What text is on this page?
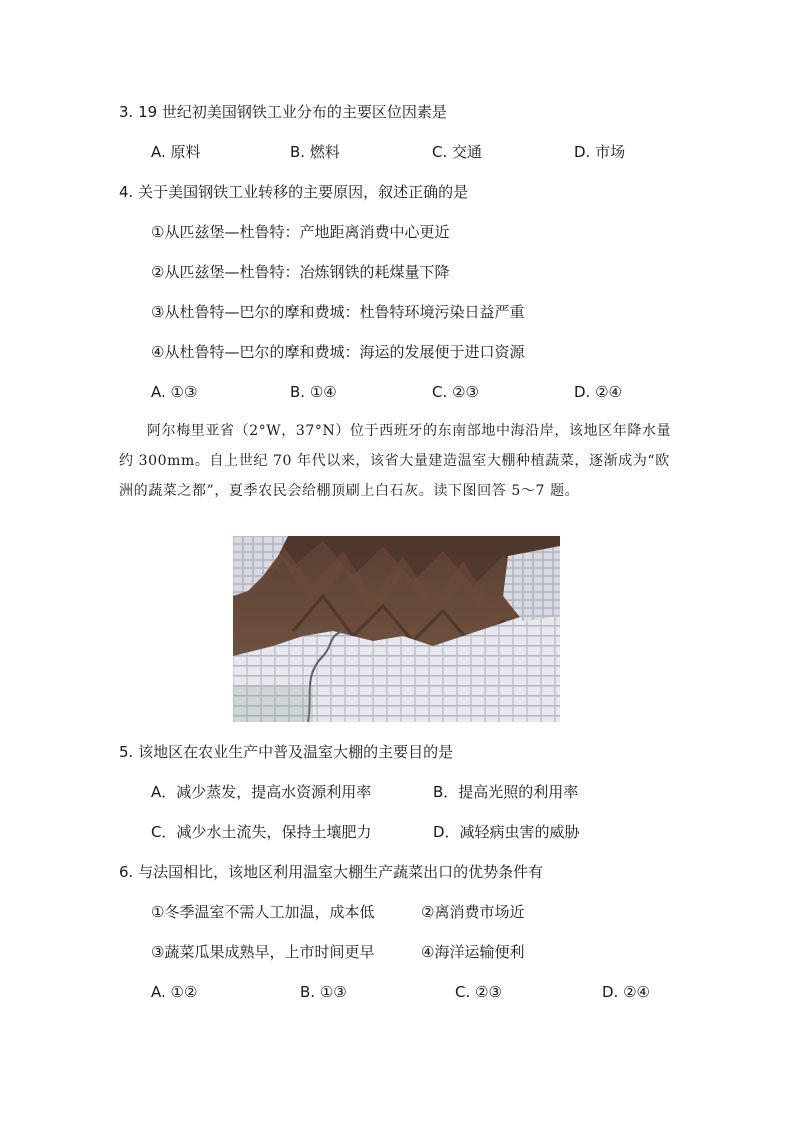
3. 19 世纪初美国钢铁工业分布的主要区位因素是
A. 原料	B. 燃料	C. 交通	D. 市场
4. 关于美国钢铁工业转移的主要原因，叙述正确的是
①从匹兹堡—杜鲁特：产地距离消费中心更近
②从匹兹堡—杜鲁特：冶炼钢铁的耗煤量下降
③从杜鲁特—巴尔的摩和费城：杜鲁特环境污染日益严重
④从杜鲁特—巴尔的摩和费城：海运的发展便于进口资源
A. ①③	B. ①④	C. ②③	D. ②④
阿尔梅里亚省（2°W，37°N）位于西班牙的东南部地中海沿岸，该地区年降水量约 300mm。自上世纪 70 年代以来，该省大量建造温室大棚种植蔬菜，逐渐成为“欧洲的蔬菜之都”，夏季农民会给棚顶刷上白石灰。读下图回答 5～7 题。
5. 该地区在农业生产中普及温室大棚的主要目的是
A．减少蒸发，提高水资源利用率	B．提高光照的利用率
C．减少水土流失，保持土壤肥力	D．减轻病虫害的威胁
6. 与法国相比，该地区利用温室大棚生产蔬菜出口的优势条件有
①冬季温室不需人工加温，成本低	②离消费市场近
③蔬菜瓜果成熟早，上市时间更早	④海洋运输便利
A. ①②	B. ①③	C. ②③	D. ②④
